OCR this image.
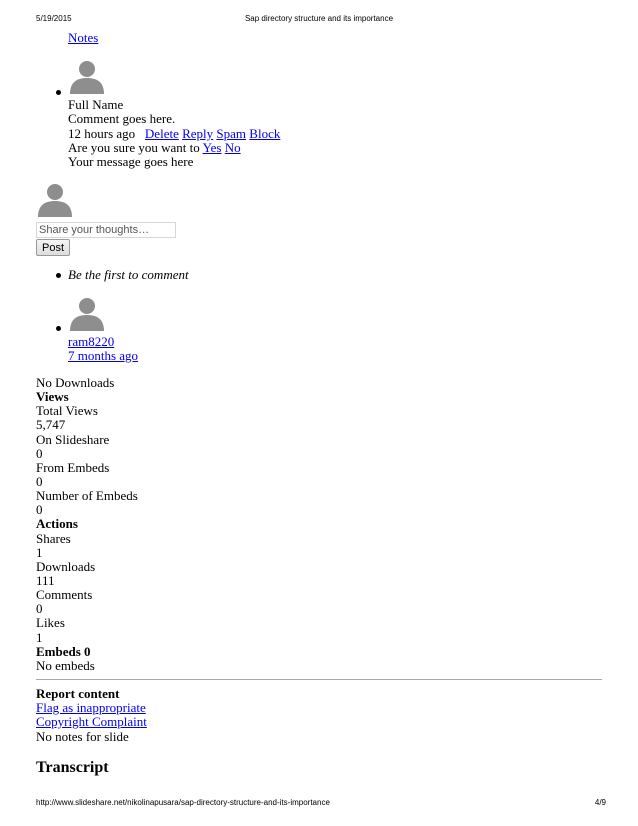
5/19/2015	Sap directory structure and its importance
Notes
Full Name
Comment goes here.
12 hours ago Delete Reply Spam Block
Are you sure you want to Yes No
Your message goes here
Share your thoughts…
Post
Be the first to comment
ram8220
7 months ago
No Downloads
Views
Total Views
5,747
On Slideshare
0
From Embeds
0
Number of Embeds
0
Actions
Shares
1
Downloads
111
Comments
0
Likes
1
Embeds 0
No embeds
Report content
Flag as inappropriate
Copyright Complaint
No notes for slide
Transcript
http://www.slideshare.net/nikolinapusara/sap-directory-structure-and-its-importance	4/9
